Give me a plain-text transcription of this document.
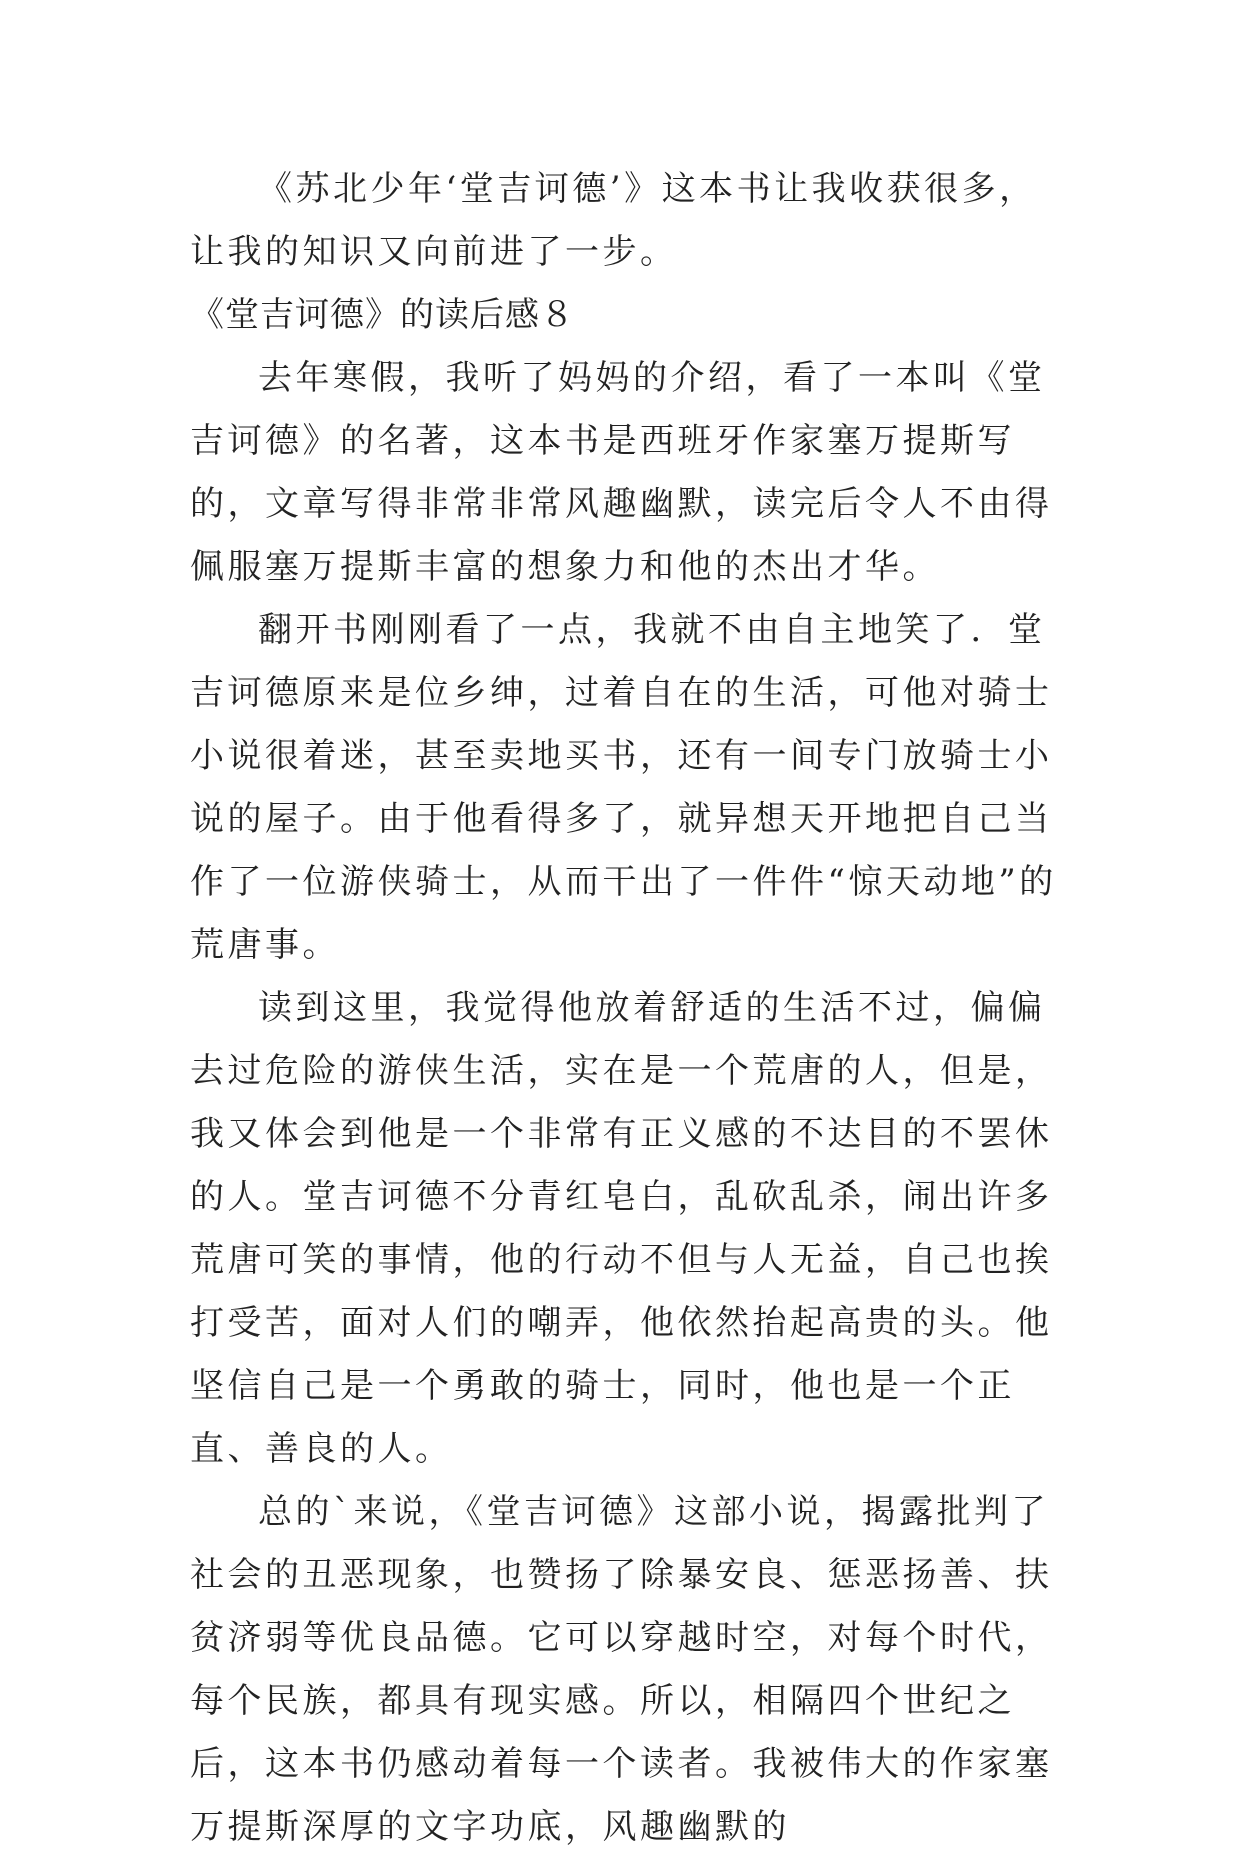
《苏北少年‘堂吉诃德’》这本书让我收获很多，让我的知识又向前进了一步。

《堂吉诃德》的读后感８

去年寒假，我听了妈妈的介绍，看了一本叫《堂吉诃德》的名著，这本书是西班牙作家塞万提斯写的，文章写得非常非常风趣幽默，读完后令人不由得佩服塞万提斯丰富的想象力和他的杰出才华。

翻开书刚刚看了一点，我就不由自主地笑了．堂吉诃德原来是位乡绅，过着自在的生活，可他对骑士小说很着迷，甚至卖地买书，还有一间专门放骑士小说的屋子。由于他看得多了，就异想天开地把自己当作了一位游侠骑士，从而干出了一件件“惊天动地”的荒唐事。

读到这里，我觉得他放着舒适的生活不过，偏偏去过危险的游侠生活，实在是一个荒唐的人，但是，我又体会到他是一个非常有正义感的不达目的不罢休的人。堂吉诃德不分青红皂白，乱砍乱杀，闹出许多荒唐可笑的事情，他的行动不但与人无益，自己也挨打受苦，面对人们的嘲弄，他依然抬起高贵的头。他坚信自己是一个勇敢的骑士，同时，他也是一个正直、善良的人。

总的`来说，《堂吉诃德》这部小说，揭露批判了社会的丑恶现象，也赞扬了除暴安良、惩恶扬善、扶贫济弱等优良品德。它可以穿越时空，对每个时代，每个民族，都具有现实感。所以，相隔四个世纪之后，这本书仍感动着每一个读者。我被伟大的作家塞万提斯深厚的文字功底，风趣幽默的
